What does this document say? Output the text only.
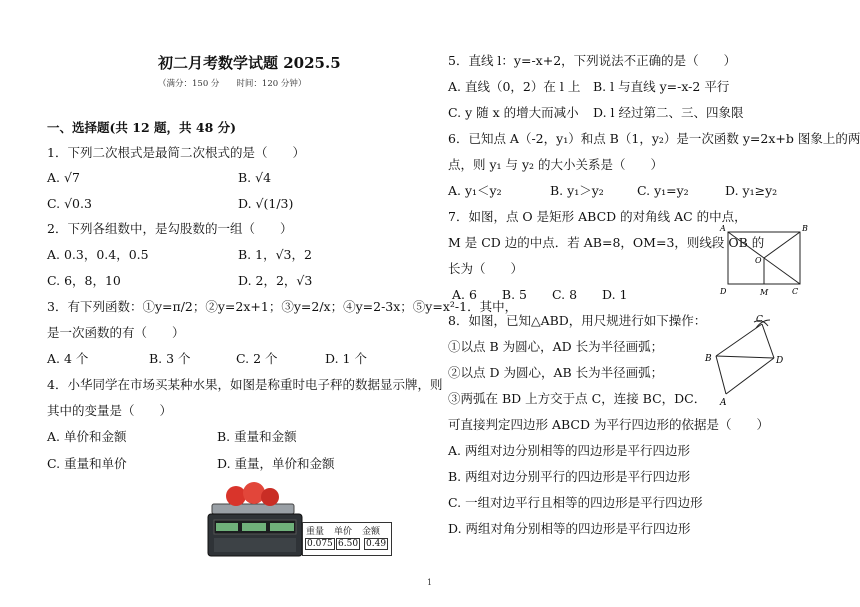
初二月考数学试题 2025.5
（满分：150 分　　时间：120 分钟）
一、选择题(共 12 题，共 48 分)
1．下列二次根式是最简二次根式的是（　　）
A. √7	B. √4
C. √0.3	D. √(1/3)
2．下列各组数中，是勾股数的一组（　　）
A. 0.3，0.4，0.5	B. 1，√3，2
C. 6，8，10	D. 2，2，√3
3．有下列函数：①y=π/2；②y=2x+1；③y=2/x；④y=2-3x；⑤y=x²-1．其中，
是一次函数的有（　　）
A. 4 个	B. 3 个	C. 2 个	D. 1 个
4．小华同学在市场买某种水果，如图是称重时电子秤的数据显示牌，则
其中的变量是（　　）
A. 单价和金额	B. 重量和金额
C. 重量和单价	D. 重量，单价和金额
重量 单价 金额
0.075 6.50 0.49
5．直线 l：y=-x+2，下列说法不正确的是（　　）
A. 直线（0，2）在 l 上 B. l 与直线 y=-x-2 平行
C. y 随 x 的增大而减小 D. l 经过第二、三、四象限
6．已知点 A（-2，y₁）和点 B（1，y₂）是一次函数 y=2x+b 图象上的两
点，则 y₁ 与 y₂ 的大小关系是（　　）
A. y₁＜y₂	B. y₁＞y₂	C. y₁=y₂	D. y₁≥y₂
7．如图，点 O 是矩形 ABCD 的对角线 AC 的中点，
M 是 CD 边的中点．若 AB=8，OM=3，则线段 OB 的
长为（　　）
A. 6　　B. 5　　C. 8　　D. 1
A	B
D	C
O
M
8．如图，已知△ABD，用尺规进行如下操作：
①以点 B 为圆心，AD 长为半径画弧；
②以点 D 为圆心，AB 长为半径画弧；
③两弧在 BD 上方交于点 C，连接 BC，DC．
可直接判定四边形 ABCD 为平行四边形的依据是（　　）
A. 两组对边分别相等的四边形是平行四边形
B. 两组对边分别平行的四边形是平行四边形
C. 一组对边平行且相等的四边形是平行四边形
D. 两组对角分别相等的四边形是平行四边形
C
B	D
A
1
